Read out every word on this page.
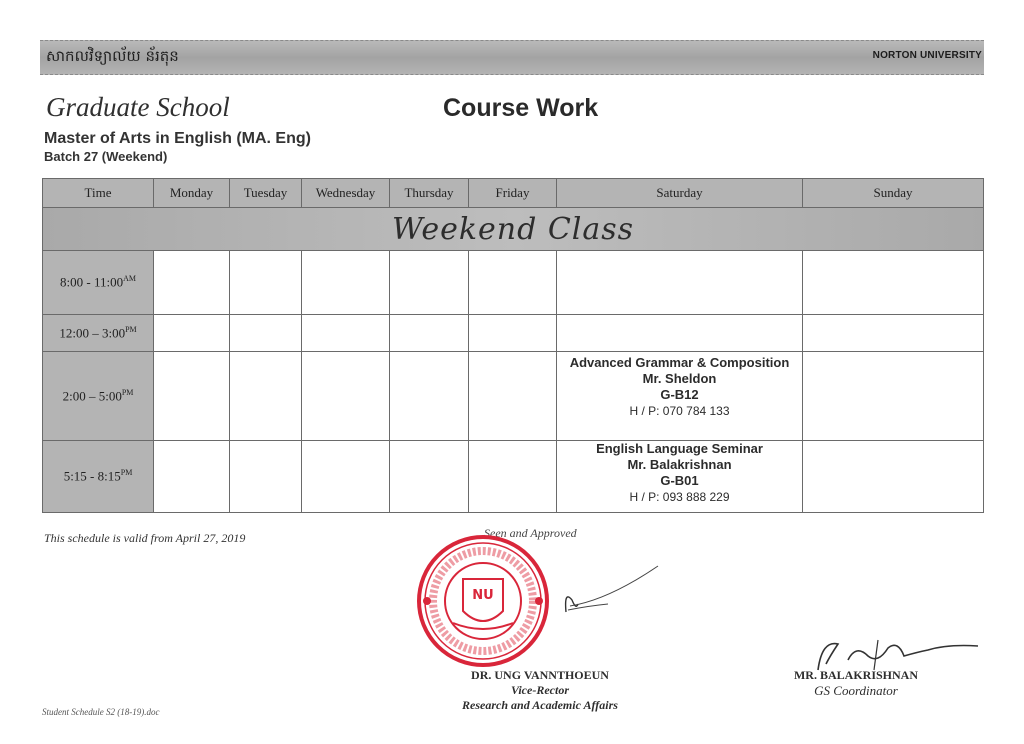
សាកលវិទ្យាល័យ ន័រតុន	NORTON UNIVERSITY
Graduate School	Course Work
Master of Arts in English (MA. Eng)
Batch 27 (Weekend)
Time	Monday	Tuesday	Wednesday	Thursday	Friday	Saturday	Sunday
Weekend Class							
8:00 - $11:00^{AM}$							
12:00 – $3:00^{PM}$							
2:00 – $5:00^{PM}$						Advanced Grammar & Composition
Mr. Sheldon
G-B12
H / P: 070 784 133	

5:15 - $8:15^{PM}$						English Language Seminar
Mr. Balakrishnan
G-B01
H / P: 093 888 229	

This schedule is valid from April 27, 2019	Seen and Approved
NU
DR. UNG VANNTHOEUN
Vice-Rector
Research and Academic Affairs
MR. BALAKRISHNAN
GS Coordinator
Student Schedule S2 (18-19).doc
